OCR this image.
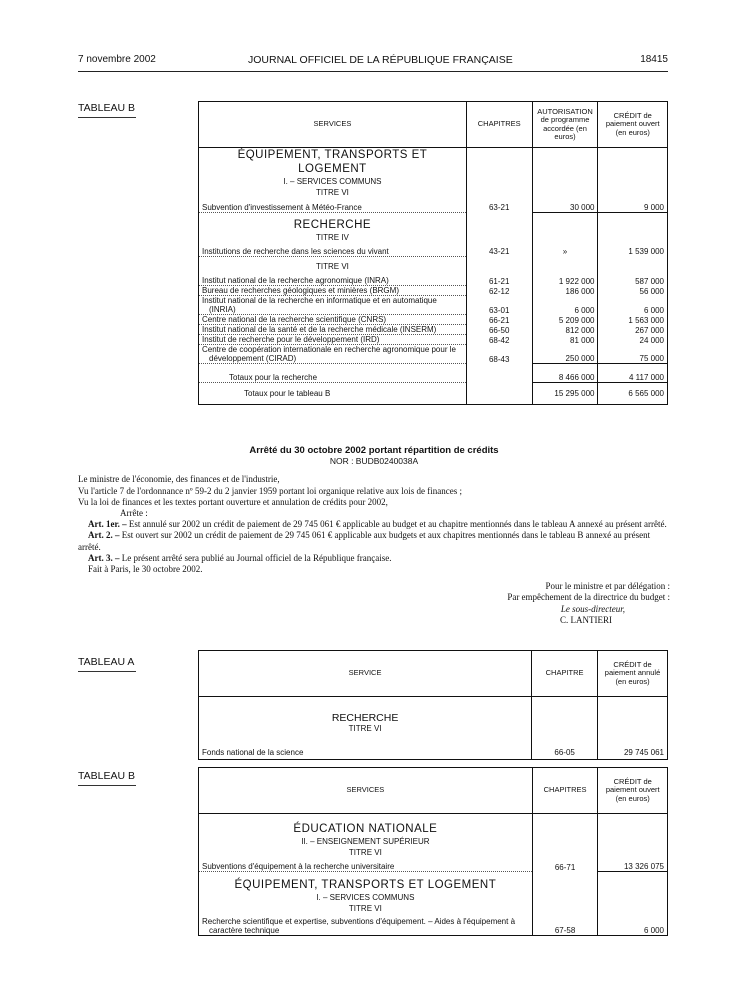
7 novembre 2002	JOURNAL OFFICIEL DE LA RÉPUBLIQUE FRANÇAISE	18415
TABLEAU B
SERVICES	CHAPITRES	AUTORISATION de programme accordée (en euros)	CRÉDIT de paiement ouvert (en euros)
ÉQUIPEMENT, TRANSPORTS ET LOGEMENT			
I. – SERVICES COMMUNS			
TITRE VI			
Subvention d'investissement à Météo-France	63-21	30 000	9 000
RECHERCHE			
TITRE IV			
Institutions de recherche dans les sciences du vivant	43-21	»	1 539 000
TITRE VI			
Institut national de la recherche agronomique (INRA)	61-21	1 922 000	587 000
Bureau de recherches géologiques et minières (BRGM)	62-12	186 000	56 000
Institut national de la recherche en informatique et en automatique			
(INRIA)	63-01	6 000	6 000
Centre national de la recherche scientifique (CNRS)	66-21	5 209 000	1 563 000
Institut national de la santé et de la recherche médicale (INSERM)	66-50	812 000	267 000
Institut de recherche pour le développement (IRD)	68-42	81 000	24 000
Centre de coopération internationale en recherche agronomique pour le			
développement (CIRAD)	68-43	250 000	75 000
Totaux pour la recherche		8 466 000	4 117 000
Totaux pour le tableau B		15 295 000	6 565 000
Arrêté du 30 octobre 2002 portant répartition de crédits
NOR : BUDB0240038A

Le ministre de l'économie, des finances et de l'industrie,

Vu l'article 7 de l'ordonnance nº 59-2 du 2 janvier 1959 portant loi organique relative aux lois de finances ;

Vu la loi de finances et les textes portant ouverture et annulation de crédits pour 2002,

Arrête :

Art. 1er. – Est annulé sur 2002 un crédit de paiement de 29 745 061 € applicable au budget et au chapitre mentionnés dans le tableau A annexé au présent arrêté.

Art. 2. – Est ouvert sur 2002 un crédit de paiement de 29 745 061 € applicable aux budgets et aux chapitres mentionnés dans le tableau B annexé au présent arrêté.

Art. 3. – Le présent arrêté sera publié au Journal officiel de la République française.

Fait à Paris, le 30 octobre 2002.

Pour le ministre et par délégation :

Par empêchement de la directrice du budget :

Le sous-directeur,

C. LANTIERI

TABLEAU A
SERVICE	CHAPITRE	CRÉDIT de paiement annulé (en euros)
RECHERCHE		
TITRE VI		
Fonds national de la science	66-05	29 745 061
TABLEAU B
SERVICES	CHAPITRES	CRÉDIT de paiement ouvert (en euros)
ÉDUCATION NATIONALE		
II. – ENSEIGNEMENT SUPÉRIEUR		
TITRE VI		
Subventions d'équipement à la recherche universitaire	66-71	13 326 075
ÉQUIPEMENT, TRANSPORTS ET LOGEMENT		
I. – SERVICES COMMUNS		
TITRE VI		
Recherche scientifique et expertise, subventions d'équipement. – Aides à l'équipement à		
caractère technique	67-58	6 000
